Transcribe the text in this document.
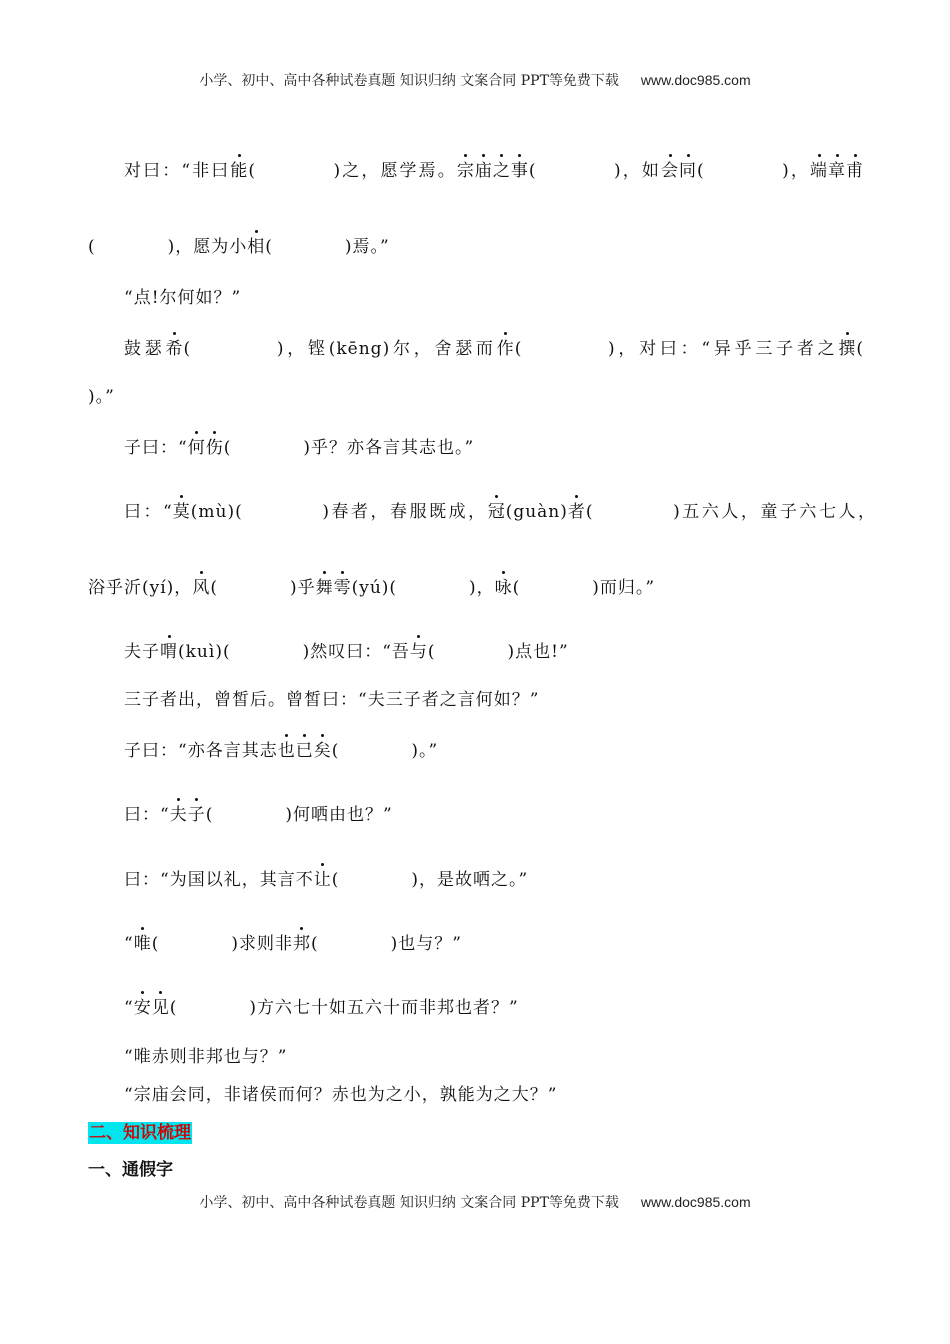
小学、初中、高中各种试卷真题 知识归纳 文案合同 PPT等免费下载 www.doc985.com
对曰：“非曰能(　　　　)之，愿学焉。宗庙之事(　　　　)，如会同(　　　　)，端章甫
(　　　　)，愿为小相(　　　　)焉。”
“点!尔何如？”
鼓瑟希(　　　　)，铿(kēng)尔，舍瑟而作(　　　　)，对曰：“异乎三子者之撰(
)。”
子曰：“何伤(　　　　)乎？亦各言其志也。”
曰：“莫(mù)(　　　　)春者，春服既成，冠(guàn)者(　　　　)五六人，童子六七人，
浴乎沂(yí)，风(　　　　)乎舞雩(yú)(　　　　)，咏(　　　　)而归。”
夫子喟(kuì)(　　　　)然叹曰：“吾与(　　　　)点也!”
三子者出，曾皙后。曾皙曰：“夫三子者之言何如？”
子曰：“亦各言其志也已矣(　　　　)。”
曰：“夫子(　　　　)何哂由也？”
曰：“为国以礼，其言不让(　　　　)，是故哂之。”
“唯(　　　　)求则非邦(　　　　)也与？”
“安见(　　　　)方六七十如五六十而非邦也者？”
“唯赤则非邦也与？”
“宗庙会同，非诸侯而何？赤也为之小，孰能为之大？”
二、知识梳理
一、通假字
小学、初中、高中各种试卷真题 知识归纳 文案合同 PPT等免费下载 www.doc985.com
